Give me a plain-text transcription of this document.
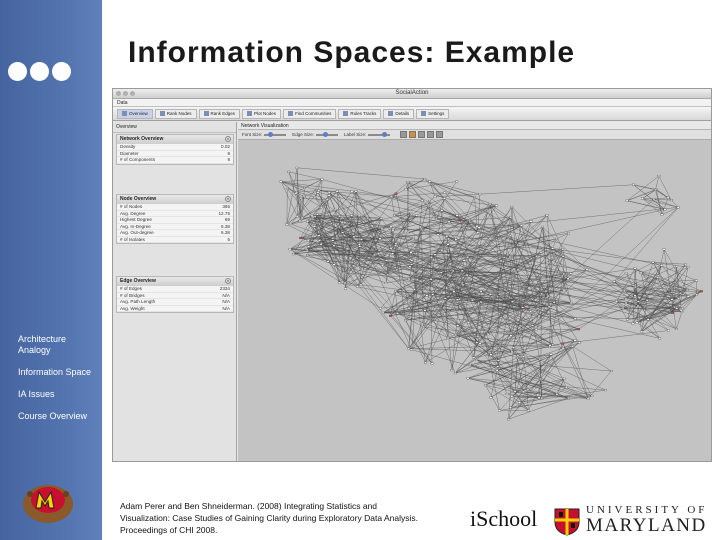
Architecture Analogy
Information Space
IA Issues
Course Overview
Information Spaces: Example
SocialAction
Data
Overview	Rank Nodes	Rank Edges	Plot Nodes	Find Communities	Rules Tracks	Details	Settings
Overview
Network Overview	×
Density	0.02
Diameter	9
# of Components	8
Node Overview	×
# of Nodes	366
Avg. Degree	12.75
Highest Degree	69
Avg. In-Degree	6.38
Avg. Out-degree	6.38
# of Isolates	5
Edge Overview	×
# of Edges	2334
# of Bridges	N/A
Avg. Path Length	N/A
Avg. Weight	N/A
Network Visualization
Font Size:	Edge Size:	Label Size:
Adam Perer and Ben Shneiderman. (2008) Integrating Statistics and Visualization: Case Studies of Gaining Clarity during Exploratory Data Analysis. Proceedings of CHI 2008.	iSchool	UNIVERSITY OF
MARYLAND
